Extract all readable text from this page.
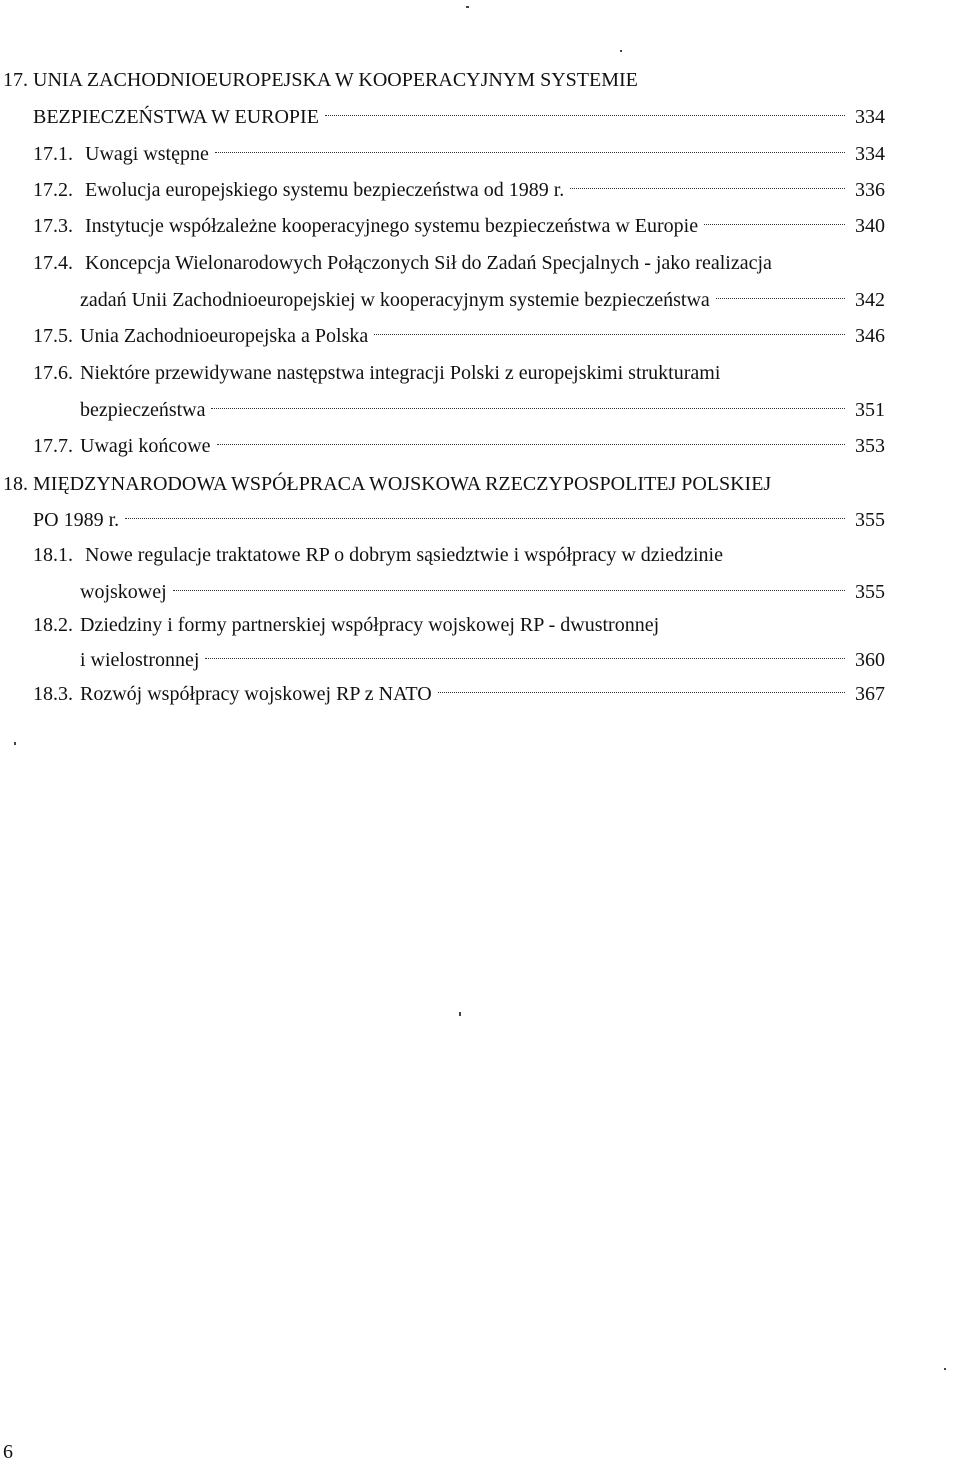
17. UNIA ZACHODNIOEUROPEJSKA W KOOPERACYJNYM SYSTEMIE
BEZPIECZEŃSTWA W EUROPIE	334
17.1. Uwagi wstępne	334
17.2. Ewolucja europejskiego systemu bezpieczeństwa od 1989 r.	336
17.3. Instytucje współzależne kooperacyjnego systemu bezpieczeństwa w Europie	340
17.4. Koncepcja Wielonarodowych Połączonych Sił do Zadań Specjalnych - jako realizacja
zadań Unii Zachodnioeuropejskiej w kooperacyjnym systemie bezpieczeństwa	342
17.5. Unia Zachodnioeuropejska a Polska	346
17.6. Niektóre przewidywane następstwa integracji Polski z europejskimi strukturami
bezpieczeństwa	351
17.7. Uwagi końcowe	353
18. MIĘDZYNARODOWA WSPÓŁPRACA WOJSKOWA RZECZYPOSPOLITEJ POLSKIEJ
PO 1989 r.	355
18.1. Nowe regulacje traktatowe RP o dobrym sąsiedztwie i współpracy w dziedzinie
wojskowej	355
18.2. Dziedziny i formy partnerskiej współpracy wojskowej RP - dwustronnej
i wielostronnej	360
18.3. Rozwój współpracy wojskowej RP z NATO	367
6
